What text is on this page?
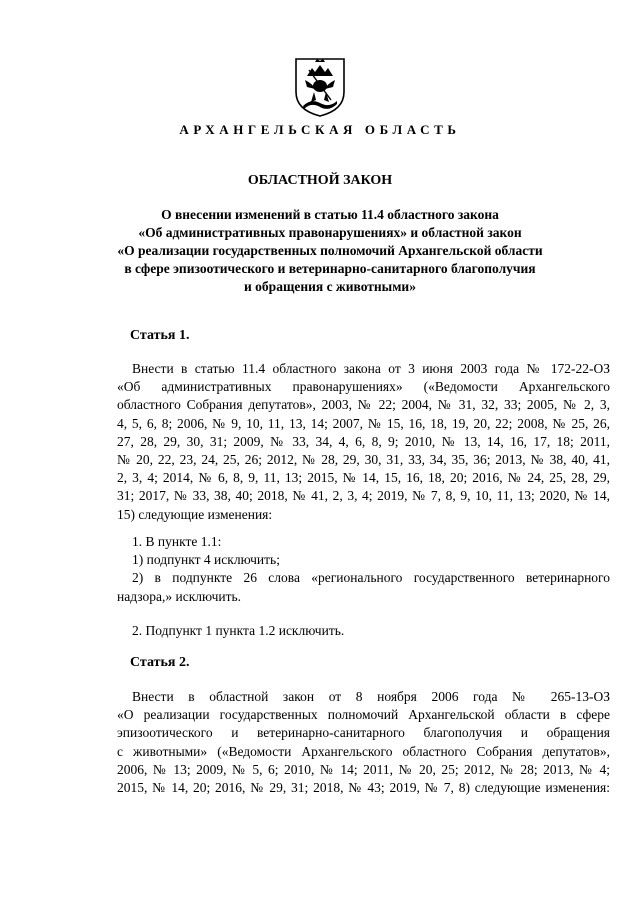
АРХАНГЕЛЬСКАЯ ОБЛАСТЬ
ОБЛАСТНОЙ ЗАКОН
О внесении изменений в статью 11.4 областного закона
«Об административных правонарушениях» и областной закон
«О реализации государственных полномочий Архангельской области
в сфере эпизоотического и ветеринарно-санитарного благополучия
и обращения с животными»
Статья 1.
Внести в статью 11.4 областного закона от 3 июня 2003 года № 172-22-ОЗ
«Об административных правонарушениях» («Ведомости Архангельского
областного Собрания депутатов», 2003, № 22; 2004, № 31, 32, 33; 2005, № 2, 3,
4, 5, 6, 8; 2006, № 9, 10, 11, 13, 14; 2007, № 15, 16, 18, 19, 20, 22; 2008, № 25, 26,
27, 28, 29, 30, 31; 2009, № 33, 34, 4, 6, 8, 9; 2010, № 13, 14, 16, 17, 18; 2011,
№ 20, 22, 23, 24, 25, 26; 2012, № 28, 29, 30, 31, 33, 34, 35, 36; 2013, № 38, 40, 41,
2, 3, 4; 2014, № 6, 8, 9, 11, 13; 2015, № 14, 15, 16, 18, 20; 2016, № 24, 25, 28, 29,
31; 2017, № 33, 38, 40; 2018, № 41, 2, 3, 4; 2019, № 7, 8, 9, 10, 11, 13; 2020, № 14,
15) следующие изменения:
1. В пункте 1.1:
1) подпункт 4 исключить;
2) в подпункте 26 слова «регионального государственного ветеринарного
надзора,» исключить.
2. Подпункт 1 пункта 1.2 исключить.
Статья 2.
Внести в областной закон от 8 ноября 2006 года № 265-13-ОЗ
«О реализации государственных полномочий Архангельской области в сфере
эпизоотического и ветеринарно-санитарного благополучия и обращения
с животными» («Ведомости Архангельского областного Собрания депутатов»,
2006, № 13; 2009, № 5, 6; 2010, № 14; 2011, № 20, 25; 2012, № 28; 2013, № 4;
2015, № 14, 20; 2016, № 29, 31; 2018, № 43; 2019, № 7, 8) следующие изменения:
